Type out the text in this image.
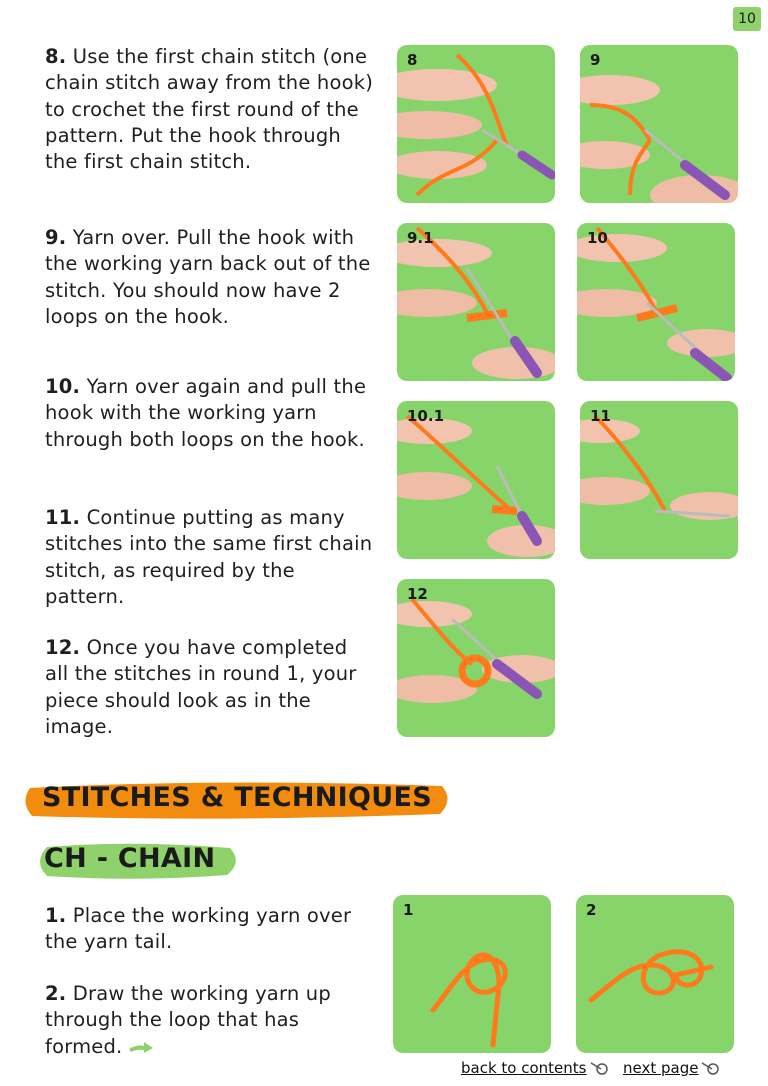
10
8. Use the first chain stitch (one chain stitch away from the hook) to crochet the first round of the pattern. Put the hook through the first chain stitch.
9. Yarn over. Pull the hook with the working yarn back out of the stitch. You should now have 2 loops on the hook.
10. Yarn over again and pull the hook with the working yarn through both loops on the hook.
11. Continue putting as many stitches into the same first chain stitch, as required by the pattern.
12. Once you have completed all the stitches in round 1, your piece should look as in the image.
8	9
9.1	10
10.1	11
12
STITCHES & TECHNIQUES
CH - CHAIN
1. Place the working yarn over the yarn tail.
2. Draw the working yarn up through the loop that has formed.
1	2
back to contents next page
